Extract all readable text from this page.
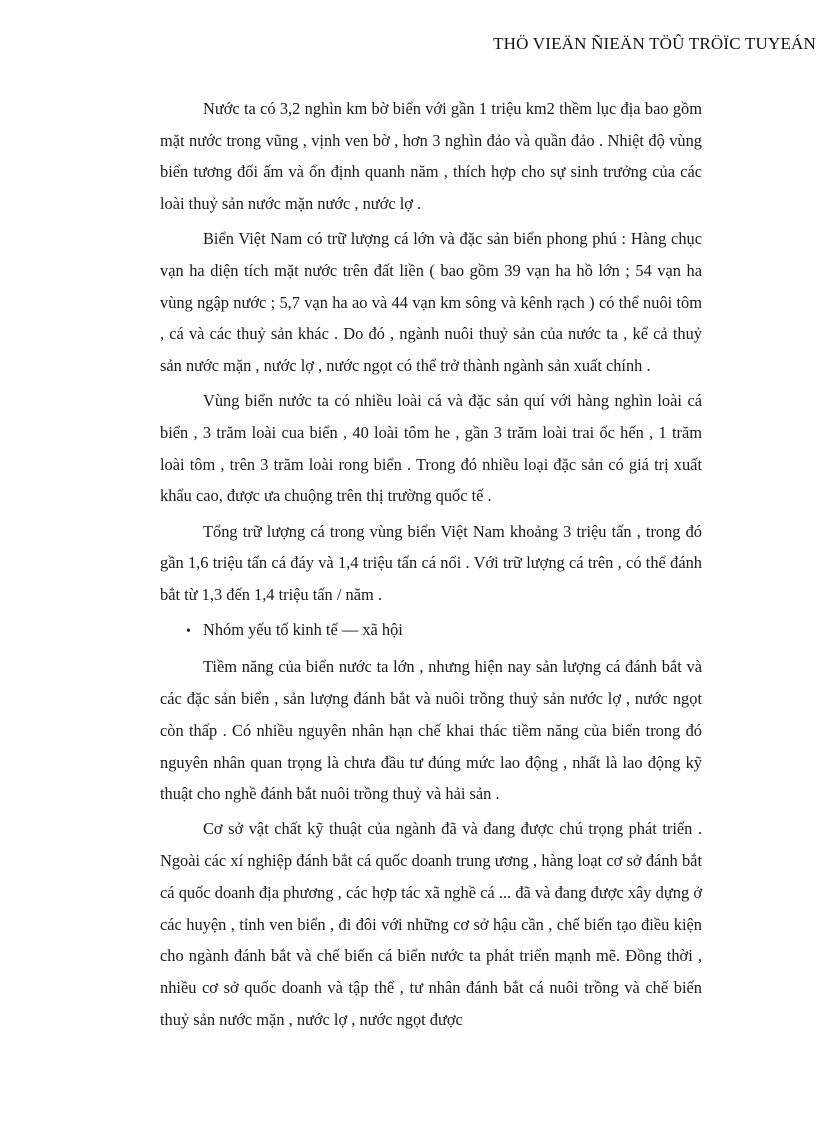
THÖ VIEÄN ÑIEÄN TÖÛ TRÖÏC TUYEÁN

Nước ta có 3,2 nghìn km bờ biển với gần 1 triệu km2 thềm lục địa bao gồm mặt nước trong vũng , vịnh ven bờ , hơn 3 nghìn đảo và quần đảo . Nhiệt độ vùng biển tương đối ấm và ổn định quanh năm , thích hợp cho sự sinh trưởng của các loài thuỷ sản nước mặn nước , nước lợ .

Biển Việt Nam có trữ lượng cá lớn và đặc sản biển phong phú : Hàng chục vạn ha diện tích mặt nước trên đất liền ( bao gồm 39 vạn ha hồ lớn ; 54 vạn ha vùng ngập nước ; 5,7 vạn ha ao và 44 vạn km sông và kênh rạch ) có thể nuôi tôm , cá và các thuỷ sản khác . Do đó , ngành nuôi thuỷ sản của nước ta , kể cả thuỷ sản nước mặn , nước lợ , nước ngọt có thể trở thành ngành sản xuất chính .

Vùng biển nước ta có nhiều loài cá và đặc sản quí với hàng nghìn loài cá biển , 3 trăm loài cua biển , 40 loài tôm he , gần 3 trăm loài trai ốc hến , 1 trăm loài tôm , trên 3 trăm loài rong biển . Trong đó nhiều loại đặc sản có giá trị xuất khẩu cao, được ưa chuộng trên thị trường quốc tế .

Tổng trữ lượng cá trong vùng biển Việt Nam khoảng 3 triệu tấn , trong đó gần 1,6 triệu tấn cá đáy và 1,4 triệu tấn cá nổi . Với trữ lượng cá trên , có thể đánh bắt từ 1,3 đến 1,4 triệu tấn / năm .

• Nhóm yếu tố kinh tế — xã hội

Tiềm năng của biển nước ta lớn , nhưng hiện nay sản lượng cá đánh bắt và các đặc sản biển , sản lượng đánh bắt và nuôi trồng thuỷ sản nước lợ , nước ngọt còn thấp . Có nhiều nguyên nhân hạn chế khai thác tiềm năng của biển trong đó nguyên nhân quan trọng là chưa đầu tư đúng mức lao động , nhất là lao động kỹ thuật cho nghề đánh bắt nuôi trồng thuỷ và hải sản .

Cơ sở vật chất kỹ thuật của ngành đã và đang được chú trọng phát triển . Ngoài các xí nghiệp đánh bắt cá quốc doanh trung ương , hàng loạt cơ sở đánh bắt cá quốc doanh địa phương , các hợp tác xã nghề cá ... đã và đang được xây dựng ở các huyện , tỉnh ven biển , đi đôi với những cơ sở hậu cần , chế biến tạo điều kiện cho ngành đánh bắt và chế biến cá biển nước ta phát triển mạnh mẽ. Đồng thời , nhiều cơ sở quốc doanh và tập thể , tư nhân đánh bắt cá nuôi trồng và chế biến thuỷ sản nước mặn , nước lợ , nước ngọt được
